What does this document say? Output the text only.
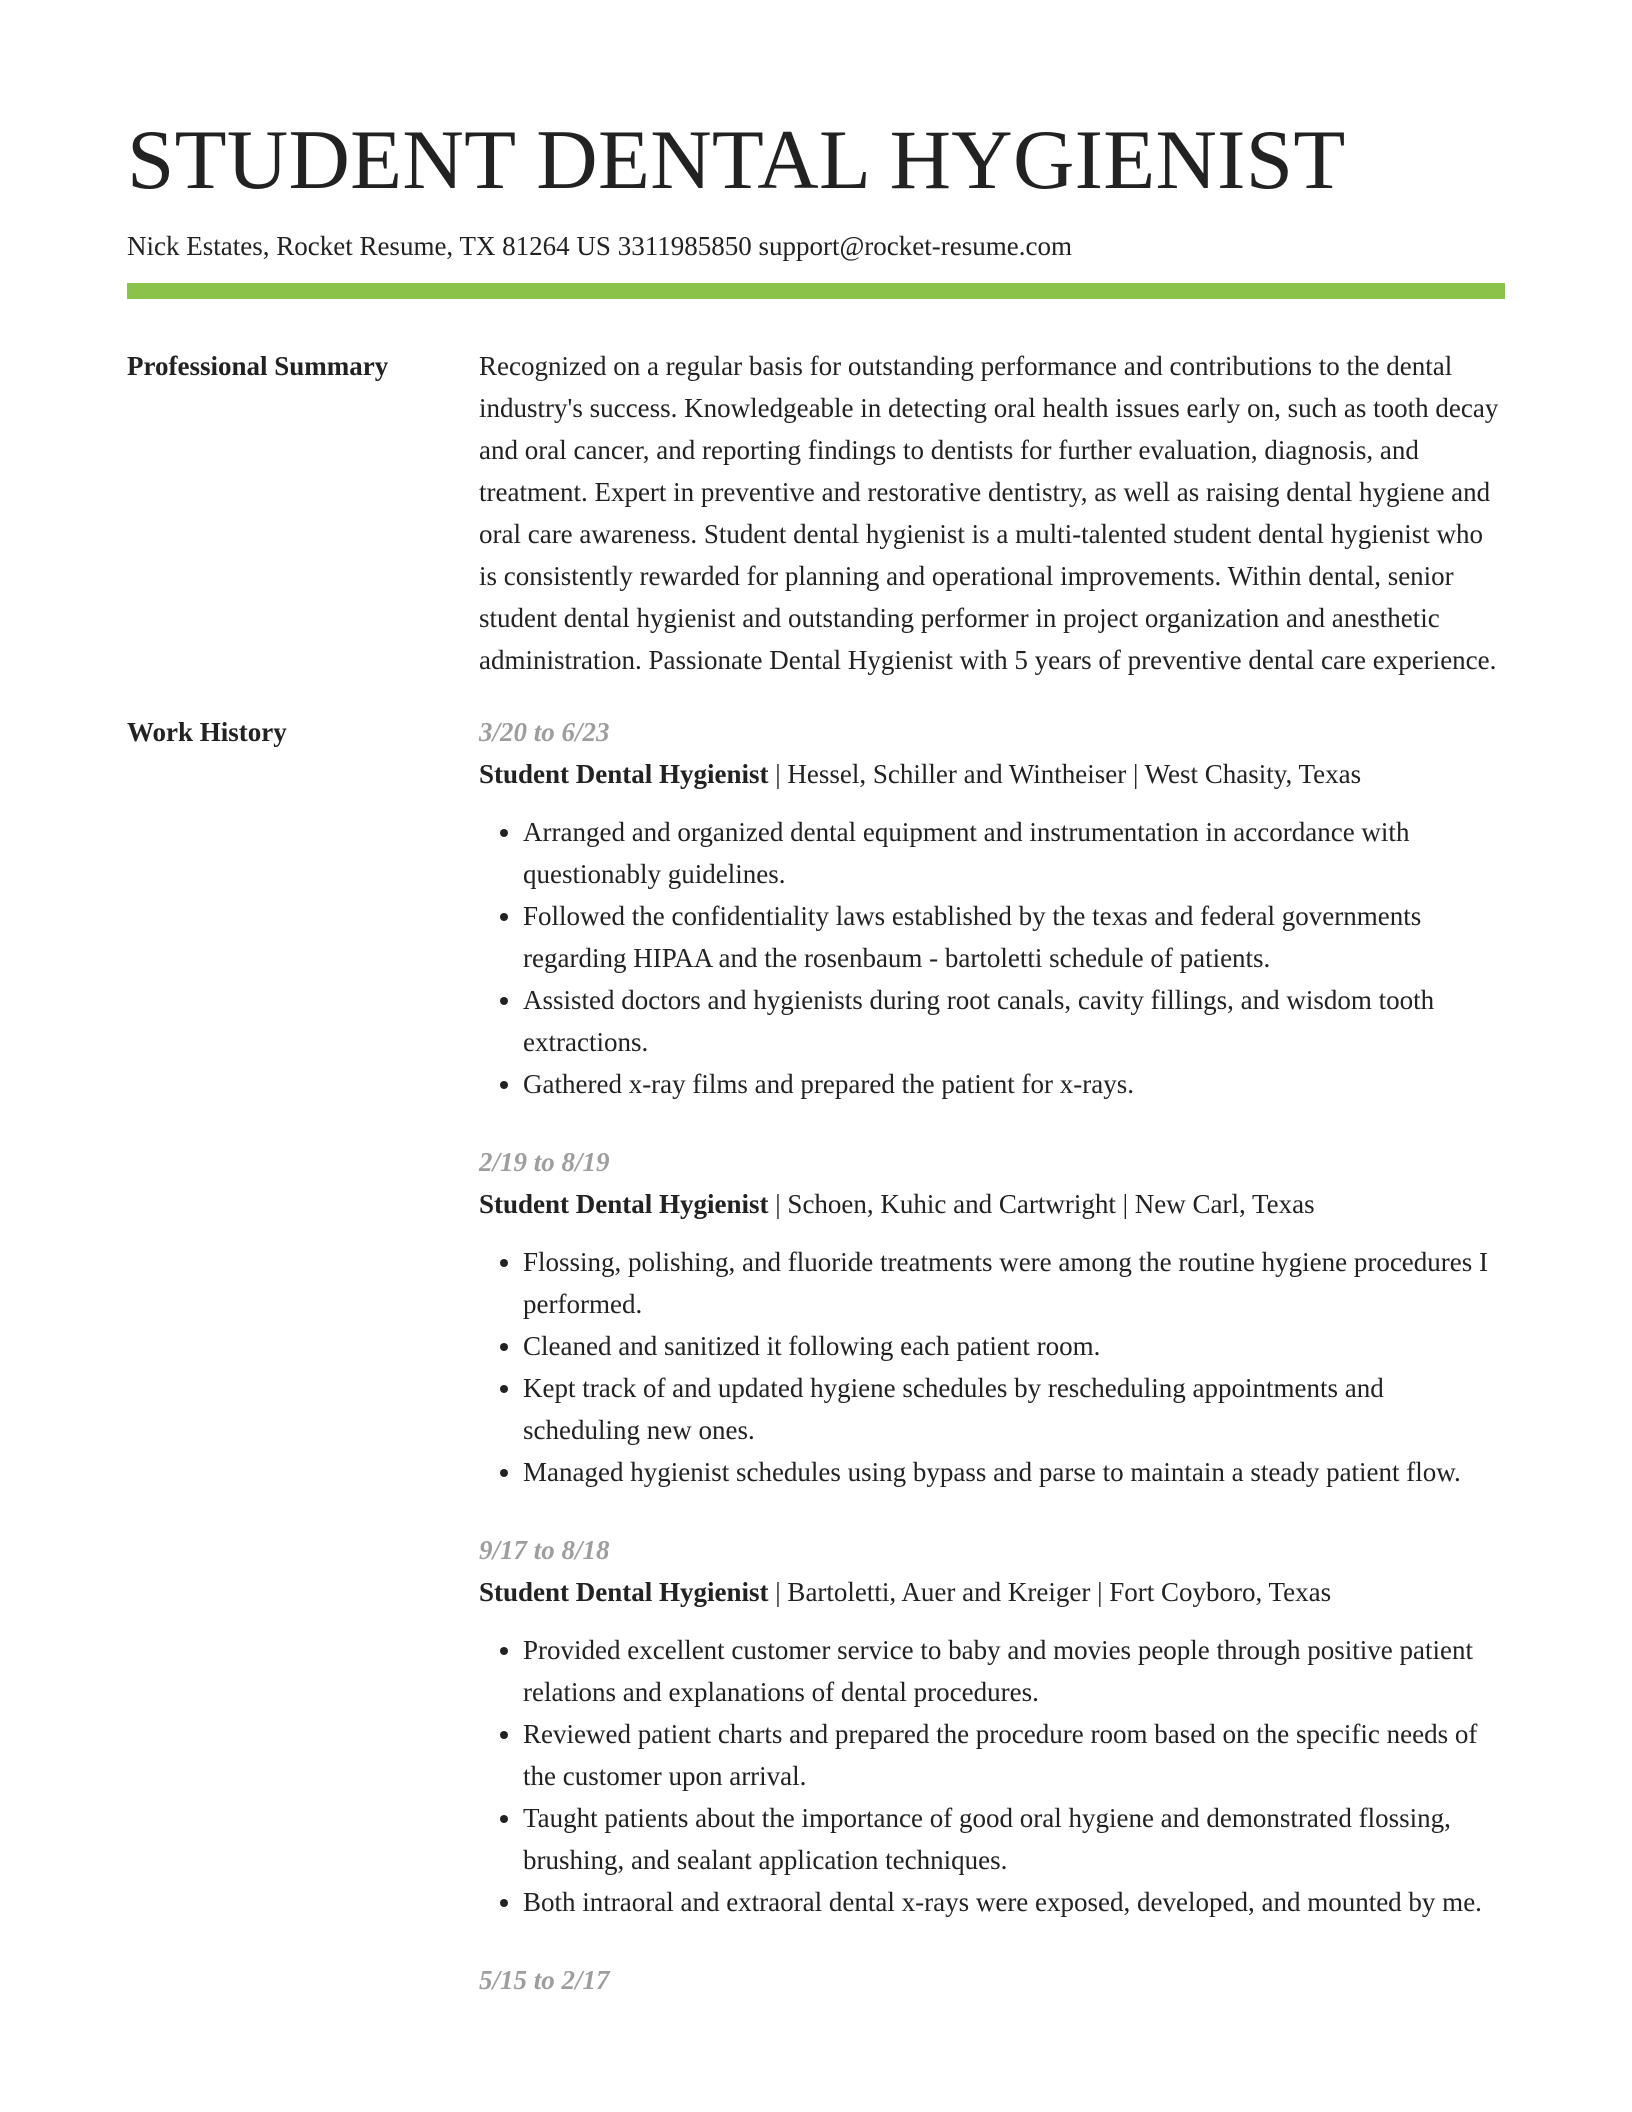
STUDENT DENTAL HYGIENIST
Nick Estates, Rocket Resume, TX 81264 US 3311985850 support@rocket-resume.com
Professional Summary	Recognized on a regular basis for outstanding performance and contributions to the dental industry's success. Knowledgeable in detecting oral health issues early on, such as tooth decay and oral cancer, and reporting findings to dentists for further evaluation, diagnosis, and treatment. Expert in preventive and restorative dentistry, as well as raising dental hygiene and oral care awareness. Student dental hygienist is a multi-talented student dental hygienist who is consistently rewarded for planning and operational improvements. Within dental, senior student dental hygienist and outstanding performer in project organization and anesthetic administration. Passionate Dental Hygienist with 5 years of preventive dental care experience.

Work History	3/20 to 6/23
Student Dental Hygienist | Hessel, Schiller and Wintheiser | West Chasity, Texas
• Arranged and organized dental equipment and instrumentation in accordance with questionably guidelines.
• Followed the confidentiality laws established by the texas and federal governments regarding HIPAA and the rosenbaum - bartoletti schedule of patients.
• Assisted doctors and hygienists during root canals, cavity fillings, and wisdom tooth extractions.
• Gathered x-ray films and prepared the patient for x-rays.
2/19 to 8/19
Student Dental Hygienist | Schoen, Kuhic and Cartwright | New Carl, Texas
• Flossing, polishing, and fluoride treatments were among the routine hygiene procedures I performed.
• Cleaned and sanitized it following each patient room.
• Kept track of and updated hygiene schedules by rescheduling appointments and scheduling new ones.
• Managed hygienist schedules using bypass and parse to maintain a steady patient flow.
9/17 to 8/18
Student Dental Hygienist | Bartoletti, Auer and Kreiger | Fort Coyboro, Texas
• Provided excellent customer service to baby and movies people through positive patient relations and explanations of dental procedures.
• Reviewed patient charts and prepared the procedure room based on the specific needs of the customer upon arrival.
• Taught patients about the importance of good oral hygiene and demonstrated flossing, brushing, and sealant application techniques.
• Both intraoral and extraoral dental x-rays were exposed, developed, and mounted by me.
5/15 to 2/17
